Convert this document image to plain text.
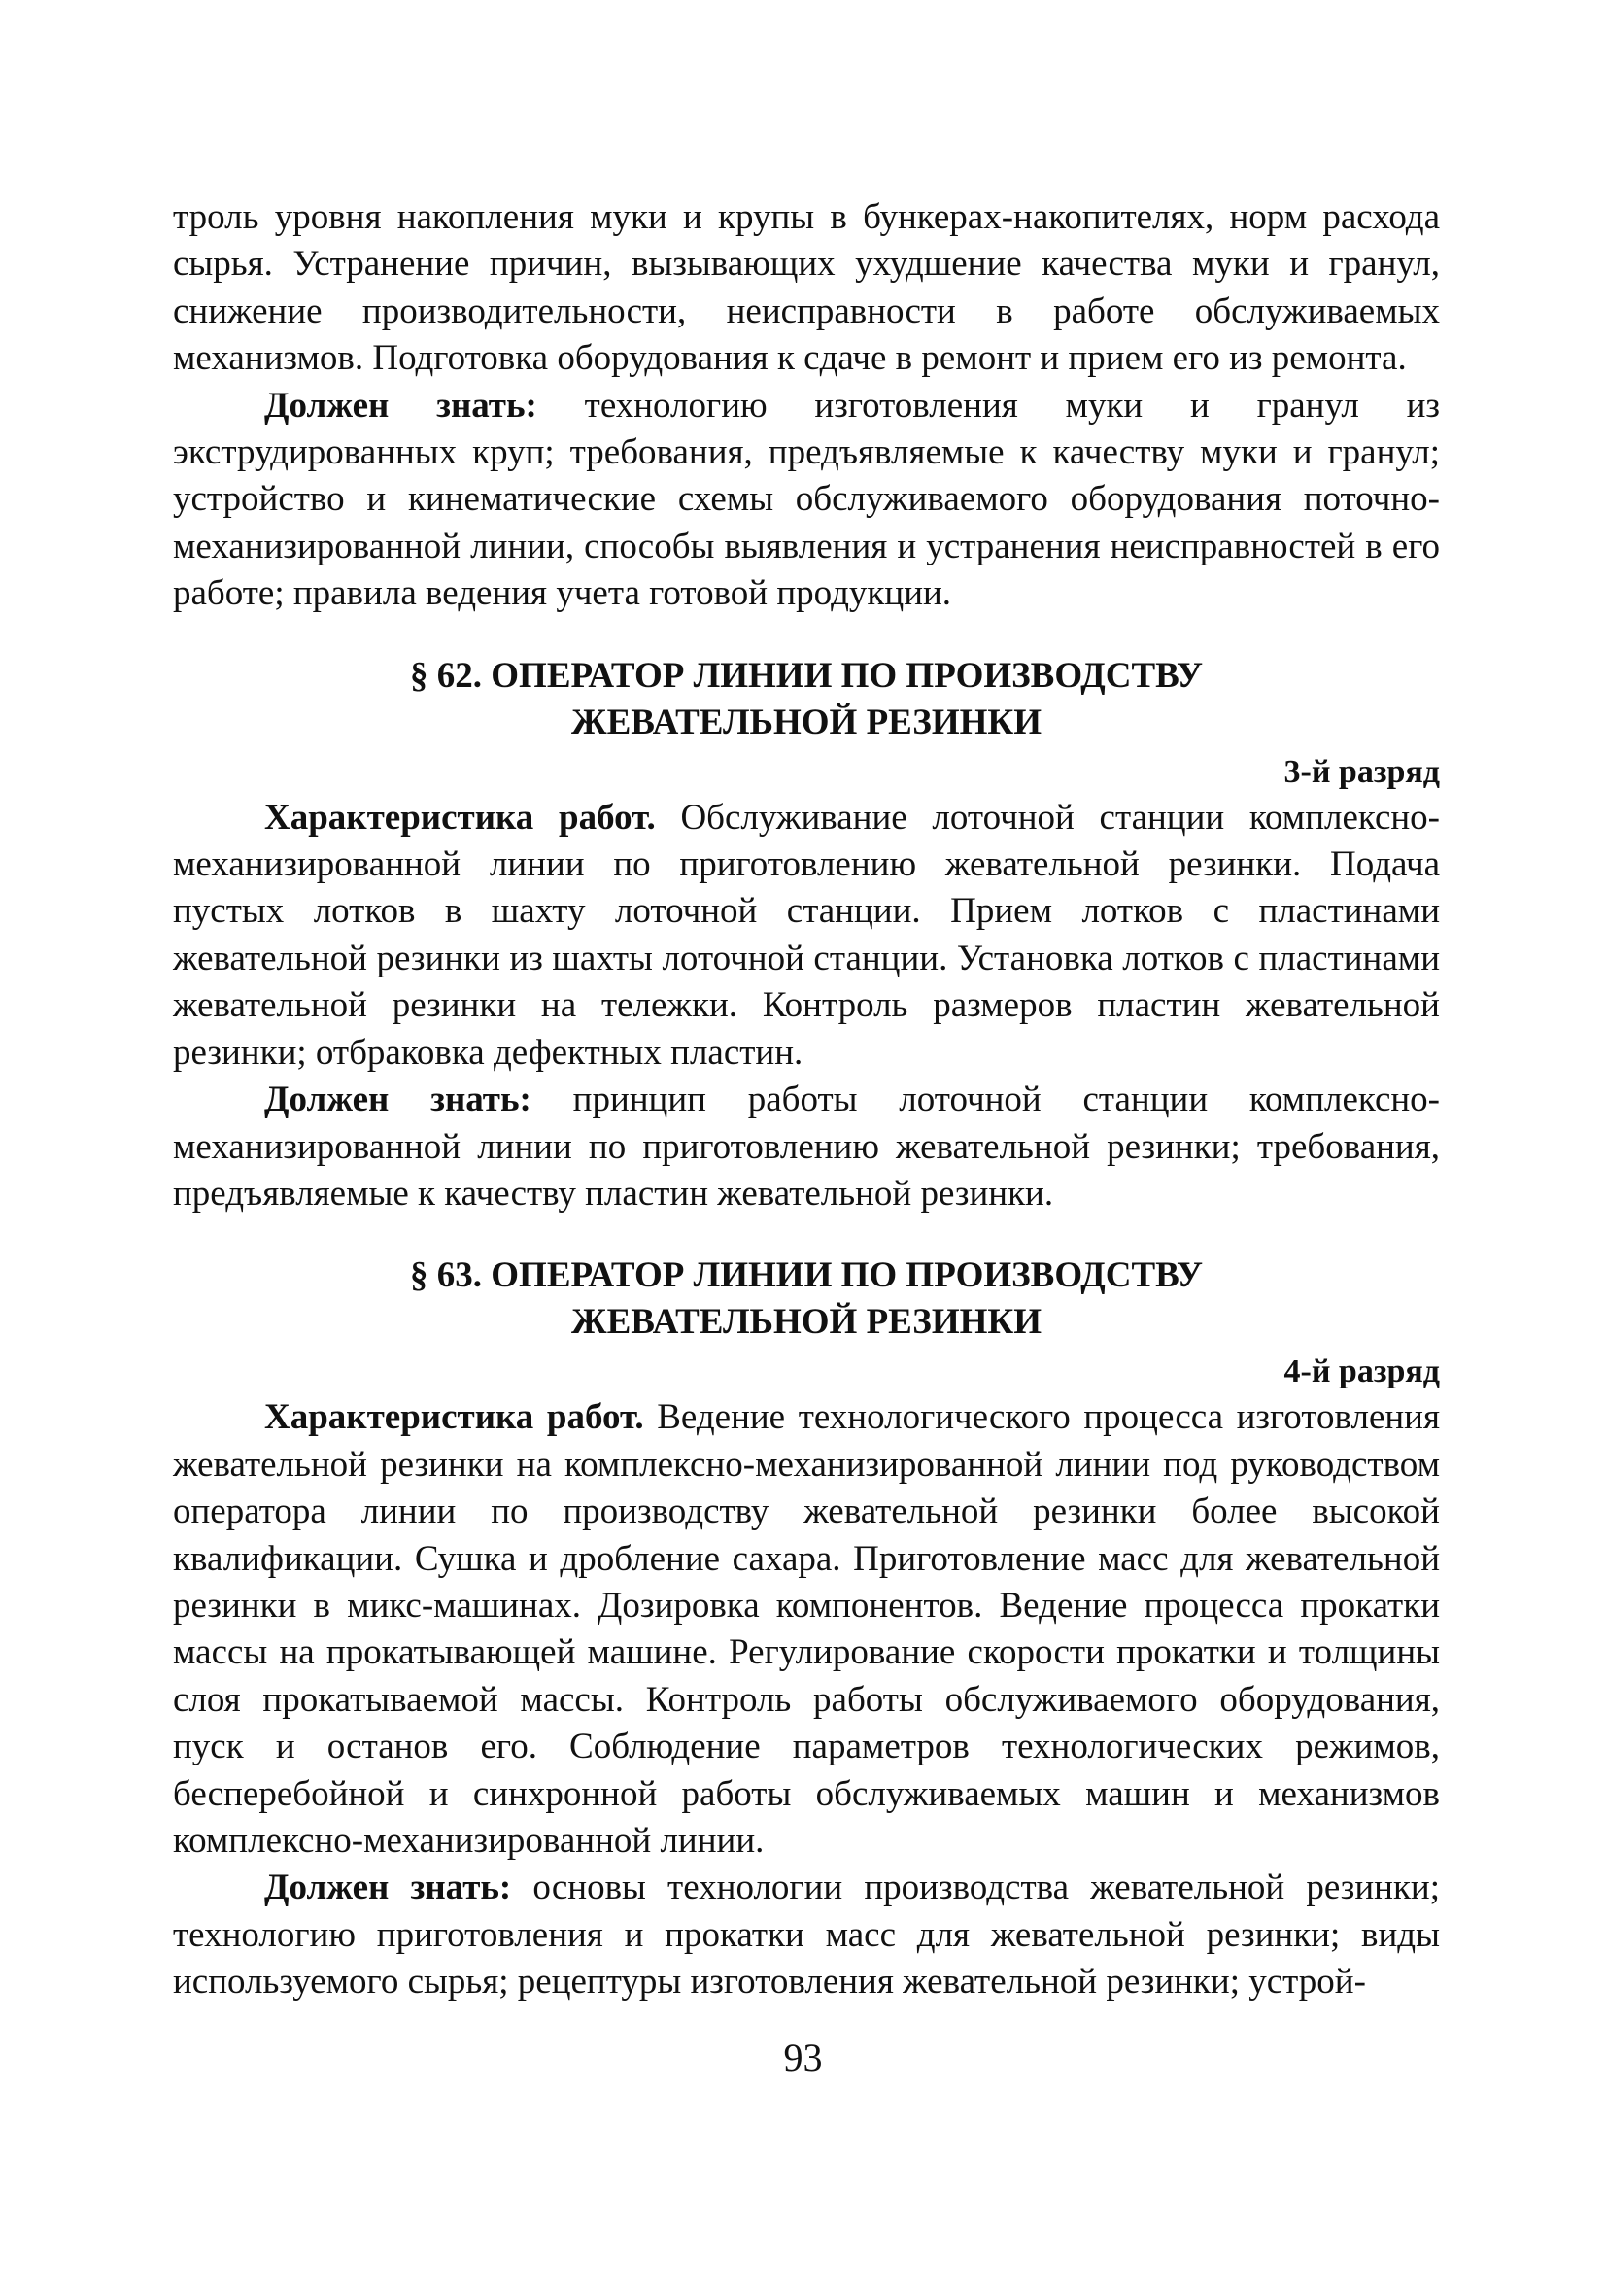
троль уровня накопления муки и крупы в бункерах-накопителях, норм расхода сырья. Устранение причин, вызывающих ухудшение качества муки и гранул, снижение производительности, неисправности в работе обслуживаемых механизмов. Подготовка оборудования к сдаче в ремонт и прием его из ремонта.

Должен знать: технологию изготовления муки и гранул из экструдированных круп; требования, предъявляемые к качеству муки и гранул; устройство и кинематические схемы обслуживаемого оборудования поточно-механизированной линии, способы выявления и устранения неисправностей в его работе; правила ведения учета готовой продукции.

§ 62. ОПЕРАТОР ЛИНИИ ПО ПРОИЗВОДСТВУ
ЖЕВАТЕЛЬНОЙ РЕЗИНКИ
3-й разряд

Характеристика работ. Обслуживание лоточной станции комплексно-механизированной линии по приготовлению жевательной резинки. Подача пустых лотков в шахту лоточной станции. Прием лотков с пластинами жевательной резинки из шахты лоточной станции. Установка лотков с пластинами жевательной резинки на тележки. Контроль размеров пластин жевательной резинки; отбраковка дефектных пластин.

Должен знать: принцип работы лоточной станции комплексно-механизированной линии по приготовлению жевательной резинки; требования, предъявляемые к качеству пластин жевательной резинки.

§ 63. ОПЕРАТОР ЛИНИИ ПО ПРОИЗВОДСТВУ
ЖЕВАТЕЛЬНОЙ РЕЗИНКИ
4-й разряд

Характеристика работ. Ведение технологического процесса изготовления жевательной резинки на комплексно-механизированной линии под руководством оператора линии по производству жевательной резинки более высокой квалификации. Сушка и дробление сахара. Приготовление масс для жевательной резинки в микс-машинах. Дозировка компонентов. Ведение процесса прокатки массы на прокатывающей машине. Регулирование скорости прокатки и толщины слоя прокатываемой массы. Контроль работы обслуживаемого оборудования, пуск и останов его. Соблюдение параметров технологических режимов, бесперебойной и синхронной работы обслуживаемых машин и механизмов комплексно-механизированной линии.

Должен знать: основы технологии производства жевательной резинки; технологию приготовления и прокатки масс для жевательной резинки; виды используемого сырья; рецептуры изготовления жевательной резинки; устрой-

93
